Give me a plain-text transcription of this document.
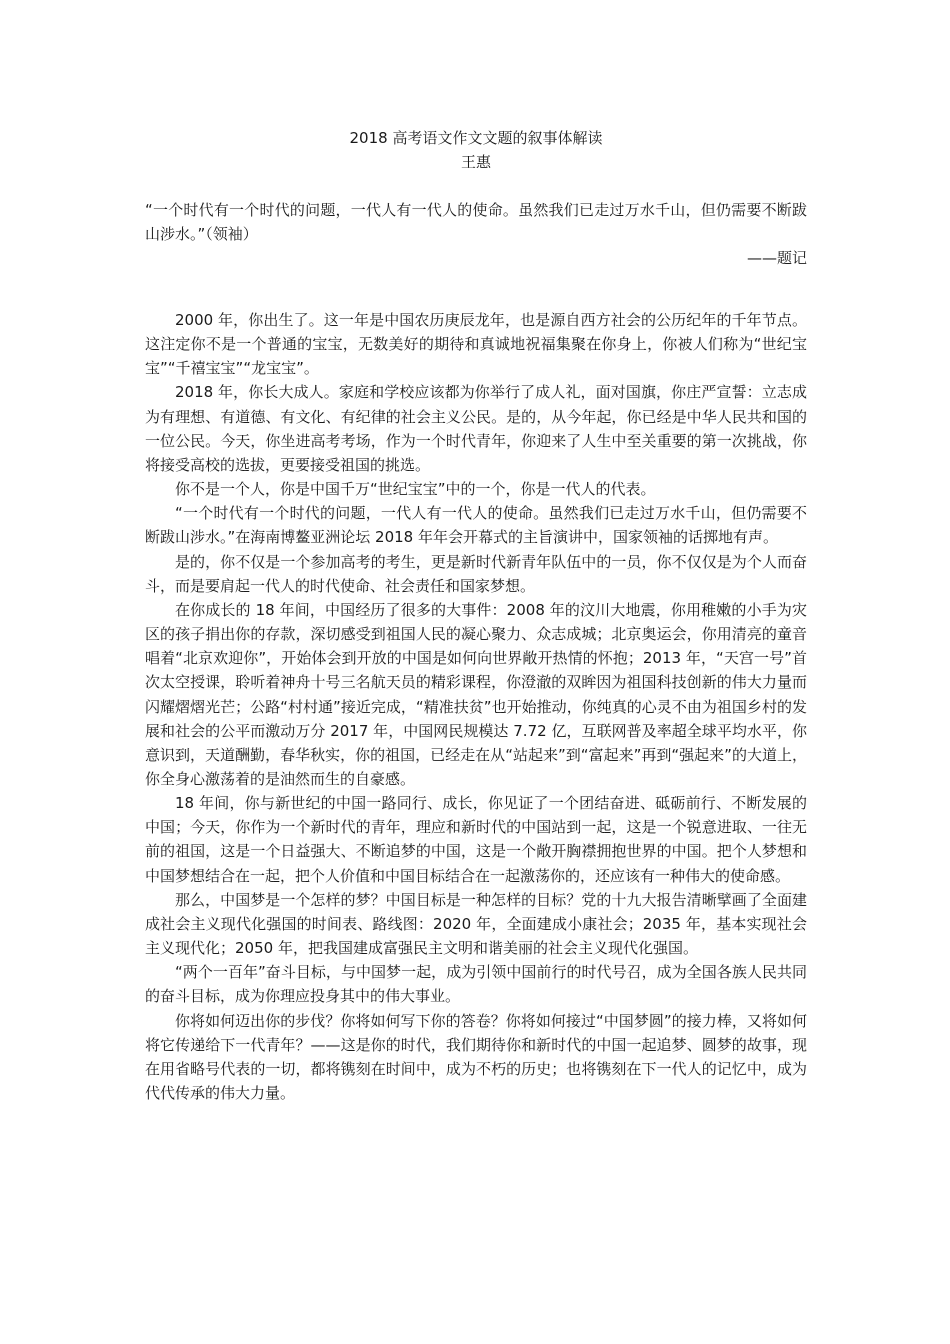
2018 高考语文作文文题的叙事体解读
王惠

“一个时代有一个时代的问题，一代人有一代人的使命。虽然我们已走过万水千山，但仍需要不断跋山涉水。”（领袖）

——题记

2000 年，你出生了。这一年是中国农历庚辰龙年，也是源自西方社会的公历纪年的千年节点。这注定你不是一个普通的宝宝，无数美好的期待和真诚地祝福集聚在你身上，你被人们称为“世纪宝宝”“千禧宝宝”“龙宝宝”。

2018 年，你长大成人。家庭和学校应该都为你举行了成人礼，面对国旗，你庄严宣誓：立志成为有理想、有道德、有文化、有纪律的社会主义公民。是的，从今年起，你已经是中华人民共和国的一位公民。今天，你坐进高考考场，作为一个时代青年，你迎来了人生中至关重要的第一次挑战，你将接受高校的选拔，更要接受祖国的挑选。

你不是一个人，你是中国千万“世纪宝宝”中的一个，你是一代人的代表。

“一个时代有一个时代的问题，一代人有一代人的使命。虽然我们已走过万水千山，但仍需要不断跋山涉水。”在海南博鳌亚洲论坛 2018 年年会开幕式的主旨演讲中，国家领袖的话掷地有声。

是的，你不仅是一个参加高考的考生，更是新时代新青年队伍中的一员，你不仅仅是为个人而奋斗，而是要肩起一代人的时代使命、社会责任和国家梦想。

在你成长的 18 年间，中国经历了很多的大事件：2008 年的汶川大地震，你用稚嫩的小手为灾区的孩子捐出你的存款，深切感受到祖国人民的凝心聚力、众志成城；北京奥运会，你用清亮的童音唱着“北京欢迎你”，开始体会到开放的中国是如何向世界敞开热情的怀抱；2013 年，“天宫一号”首次太空授课，聆听着神舟十号三名航天员的精彩课程，你澄澈的双眸因为祖国科技创新的伟大力量而闪耀熠熠光芒；公路“村村通”接近完成，“精准扶贫”也开始推动，你纯真的心灵不由为祖国乡村的发展和社会的公平而激动万分 2017 年，中国网民规模达 7.72 亿，互联网普及率超全球平均水平，你意识到，天道酬勤，春华秋实，你的祖国，已经走在从“站起来”到“富起来”再到“强起来”的大道上，你全身心激荡着的是油然而生的自豪感。

18 年间，你与新世纪的中国一路同行、成长，你见证了一个团结奋进、砥砺前行、不断发展的中国；今天，你作为一个新时代的青年，理应和新时代的中国站到一起，这是一个锐意进取、一往无前的祖国，这是一个日益强大、不断追梦的中国，这是一个敞开胸襟拥抱世界的中国。把个人梦想和中国梦想结合在一起，把个人价值和中国目标结合在一起激荡你的，还应该有一种伟大的使命感。

那么，中国梦是一个怎样的梦？中国目标是一种怎样的目标？党的十九大报告清晰擘画了全面建成社会主义现代化强国的时间表、路线图：2020 年，全面建成小康社会；2035 年，基本实现社会主义现代化；2050 年，把我国建成富强民主文明和谐美丽的社会主义现代化强国。

“两个一百年”奋斗目标，与中国梦一起，成为引领中国前行的时代号召，成为全国各族人民共同的奋斗目标，成为你理应投身其中的伟大事业。

你将如何迈出你的步伐？你将如何写下你的答卷？你将如何接过“中国梦圆”的接力棒，又将如何将它传递给下一代青年？——这是你的时代，我们期待你和新时代的中国一起追梦、圆梦的故事，现在用省略号代表的一切，都将镌刻在时间中，成为不朽的历史；也将镌刻在下一代人的记忆中，成为代代传承的伟大力量。
